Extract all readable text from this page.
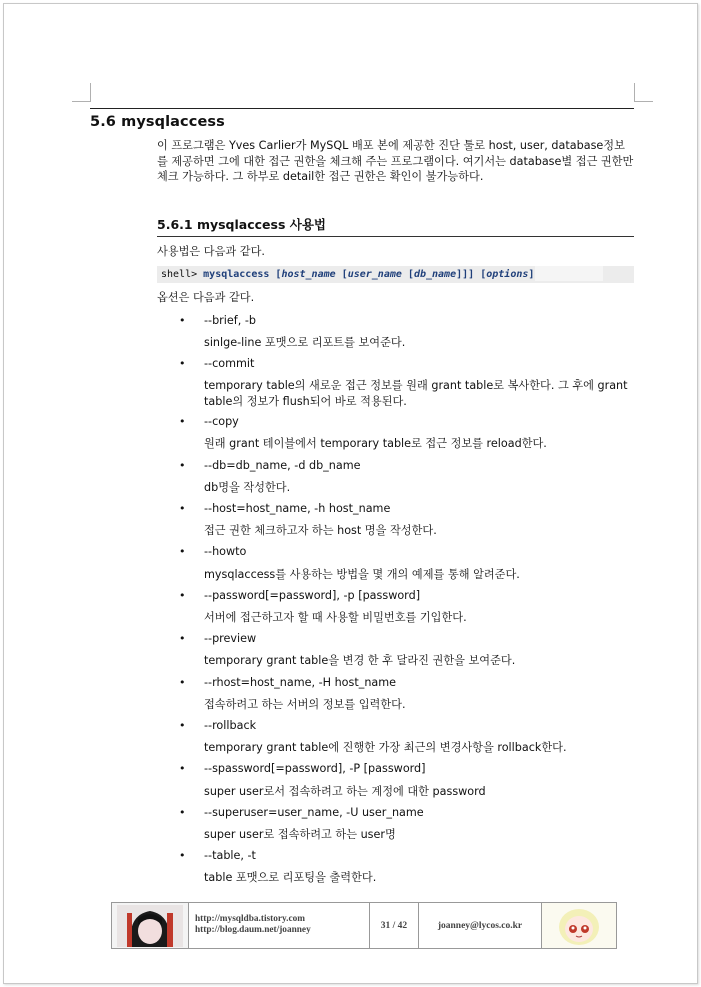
5.6 mysqlaccess

이 프로그램은 Yves Carlier가 MySQL 배포 본에 제공한 진단 툴로 host, user, database정보를 제공하면 그에 대한 접근 권한을 체크해 주는 프로그램이다. 여기서는 database별 접근 권한만 체크 가능하다. 그 하부로 detail한 접근 권한은 확인이 불가능하다.

5.6.1 mysqlaccess 사용법

사용법은 다음과 같다.

shell> mysqlaccess [host_name [user_name [db_name]]] [options]

옵션은 다음과 같다.

• --brief, -b
sinlge-line 포맷으로 리포트를 보여준다.
• --commit
temporary table의 새로운 접근 정보를 원래 grant table로 복사한다. 그 후에 grant table의 정보가 flush되어 바로 적용된다.
• --copy
원래 grant 테이블에서 temporary table로 접근 정보를 reload한다.
• --db=db_name, -d db_name
db명을 작성한다.
• --host=host_name, -h host_name
접근 권한 체크하고자 하는 host 명을 작성한다.
• --howto
mysqlaccess를 사용하는 방법을 몇 개의 예제를 통해 알려준다.
• --password[=password], -p [password]
서버에 접근하고자 할 때 사용할 비밀번호를 기입한다.
• --preview
temporary grant table을 변경 한 후 달라진 권한을 보여준다.
• --rhost=host_name, -H host_name
접속하려고 하는 서버의 정보를 입력한다.
• --rollback
temporary grant table에 진행한 가장 최근의 변경사항을 rollback한다.
• --spassword[=password], -P [password]
super user로서 접속하려고 하는 계정에 대한 password
• --superuser=user_name, -U user_name
super user로 접속하려고 하는 user명
• --table, -t
table 포맷으로 리포팅을 출력한다.
http://mysqldba.tistory.com
http://blog.daum.net/joanney	31 / 42	joanney@lycos.co.kr
